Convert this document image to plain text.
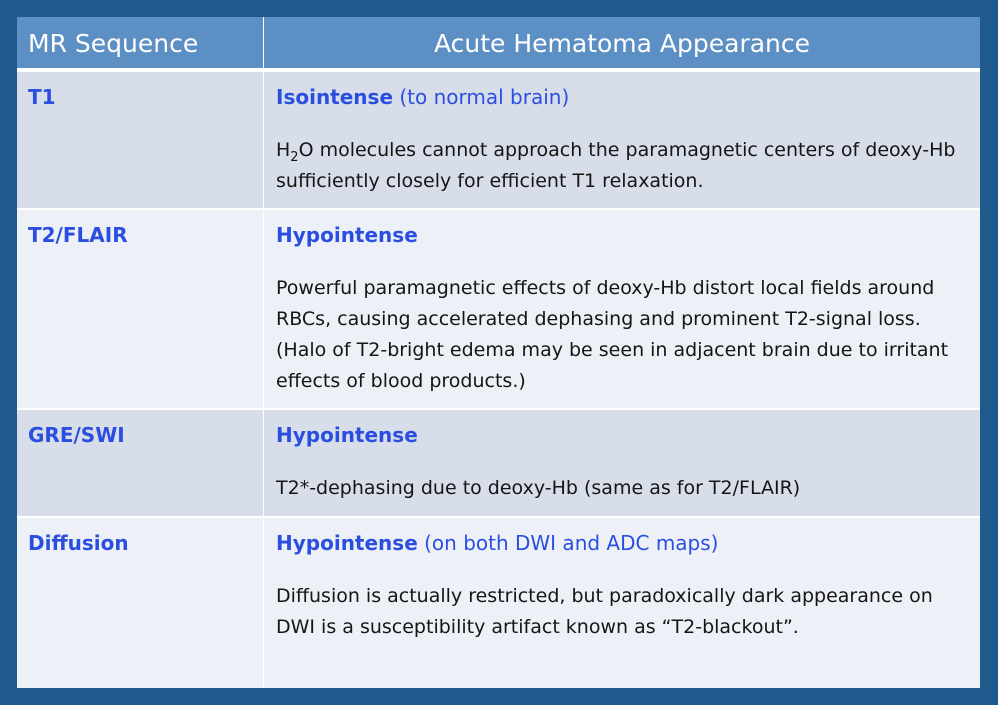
MR Sequence	Acute Hematoma Appearance
T1	Isointense (to normal brain)
$H_2O$ molecules cannot approach the paramagnetic centers of deoxy-Hb sufficiently closely for efficient T1 relaxation.
T2/FLAIR	Hypointense
Powerful paramagnetic effects of deoxy-Hb distort local fields around RBCs, causing accelerated dephasing and prominent T2-signal loss. (Halo of T2-bright edema may be seen in adjacent brain due to irritant effects of blood products.)
GRE/SWI	Hypointense
T2*-dephasing due to deoxy-Hb (same as for T2/FLAIR)
Diffusion	Hypointense (on both DWI and ADC maps)
Diffusion is actually restricted, but paradoxically dark appearance on DWI is a susceptibility artifact known as “T2-blackout”.
